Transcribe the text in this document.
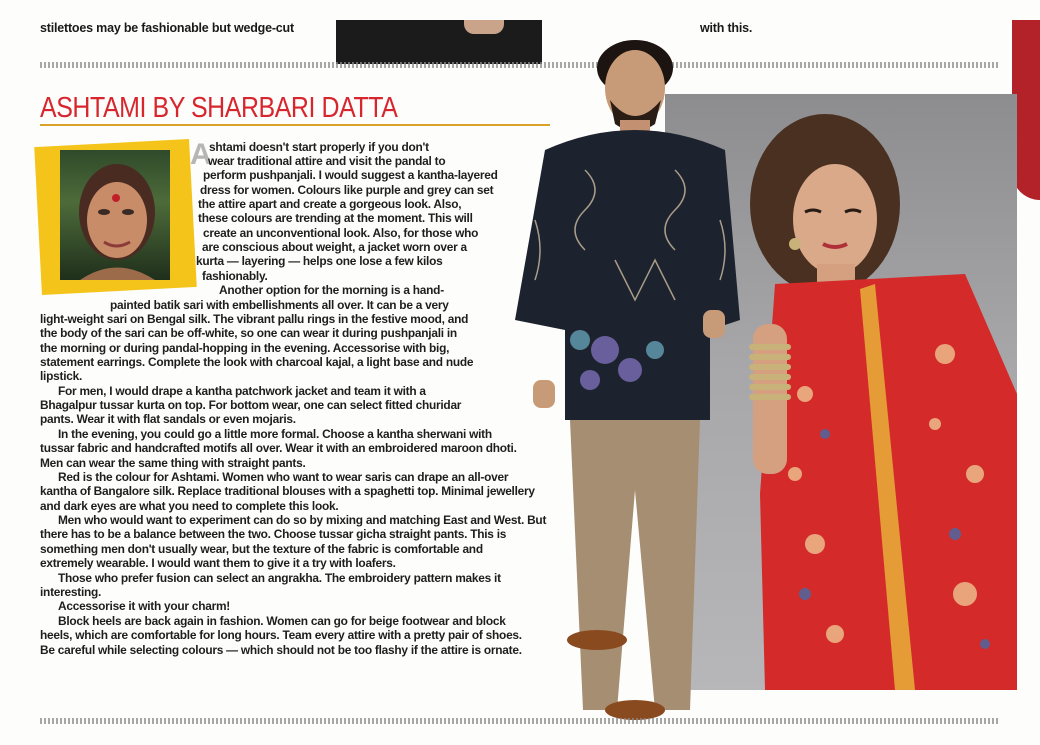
stilettoes may be fashionable but wedge-cut	with this.
ASHTAMI BY SHARBARI DATTA
A
shtami doesn't start properly if you don't
wear traditional attire and visit the pandal to
perform pushpanjali. I would suggest a kantha-layered
dress for women. Colours like purple and grey can set
the attire apart and create a gorgeous look. Also,
these colours are trending at the moment. This will
create an unconventional look. Also, for those who
are conscious about weight, a jacket worn over a
kurta — layering — helps one lose a few kilos
fashionably.
Another option for the morning is a hand-
painted batik sari with embellishments all over. It can be a very
light-weight sari on Bengal silk. The vibrant pallu rings in the festive mood, and
the body of the sari can be off-white, so one can wear it during pushpanjali in
the morning or during pandal-hopping in the evening. Accessorise with big,
statement earrings. Complete the look with charcoal kajal, a light base and nude
lipstick.
For men, I would drape a kantha patchwork jacket and team it with a
Bhagalpur tussar kurta on top. For bottom wear, one can select fitted churidar
pants. Wear it with flat sandals or even mojaris.
In the evening, you could go a little more formal. Choose a kantha sherwani with
tussar fabric and handcrafted motifs all over. Wear it with an embroidered maroon dhoti.
Men can wear the same thing with straight pants.
Red is the colour for Ashtami. Women who want to wear saris can drape an all-over
kantha of Bangalore silk. Replace traditional blouses with a spaghetti top. Minimal jewellery
and dark eyes are what you need to complete this look.
Men who would want to experiment can do so by mixing and matching East and West. But
there has to be a balance between the two. Choose tussar gicha straight pants. This is
something men don't usually wear, but the texture of the fabric is comfortable and
extremely wearable. I would want them to give it a try with loafers.
Those who prefer fusion can select an angrakha. The embroidery pattern makes it
interesting.
Accessorise it with your charm!
Block heels are back again in fashion. Women can go for beige footwear and block
heels, which are comfortable for long hours. Team every attire with a pretty pair of shoes.
Be careful while selecting colours — which should not be too flashy if the attire is ornate.
